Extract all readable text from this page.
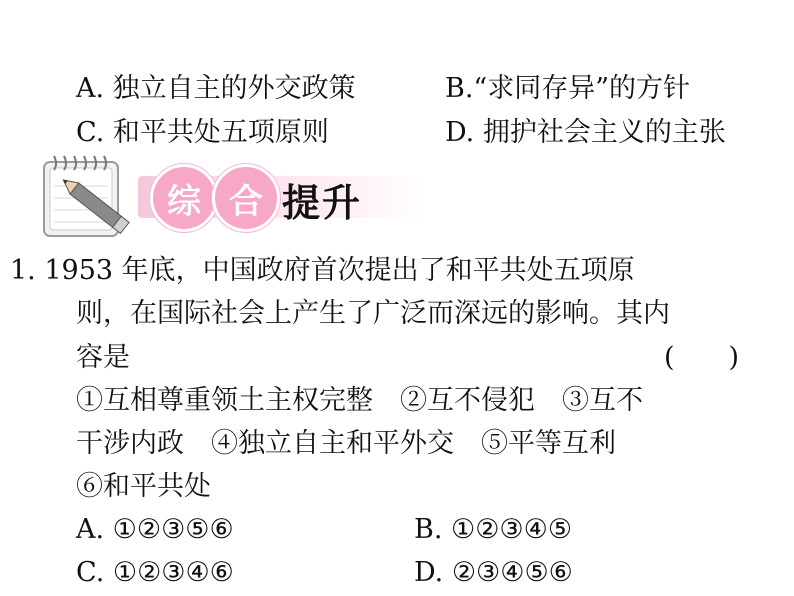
A. 独立自主的外交政策	B.“求同存异”的方针
C. 和平共处五项原则	D. 拥护社会主义的主张
综 合 提升
1. 1953 年底，中国政府首次提出了和平共处五项原
则，在国际社会上产生了广泛而深远的影响。其内
容是	(　　)
①互相尊重领土主权完整　②互不侵犯　③互不
干涉内政　④独立自主和平外交　⑤平等互利
⑥和平共处
A. ①②③⑤⑥	B. ①②③④⑤
C. ①②③④⑥	D. ②③④⑤⑥
